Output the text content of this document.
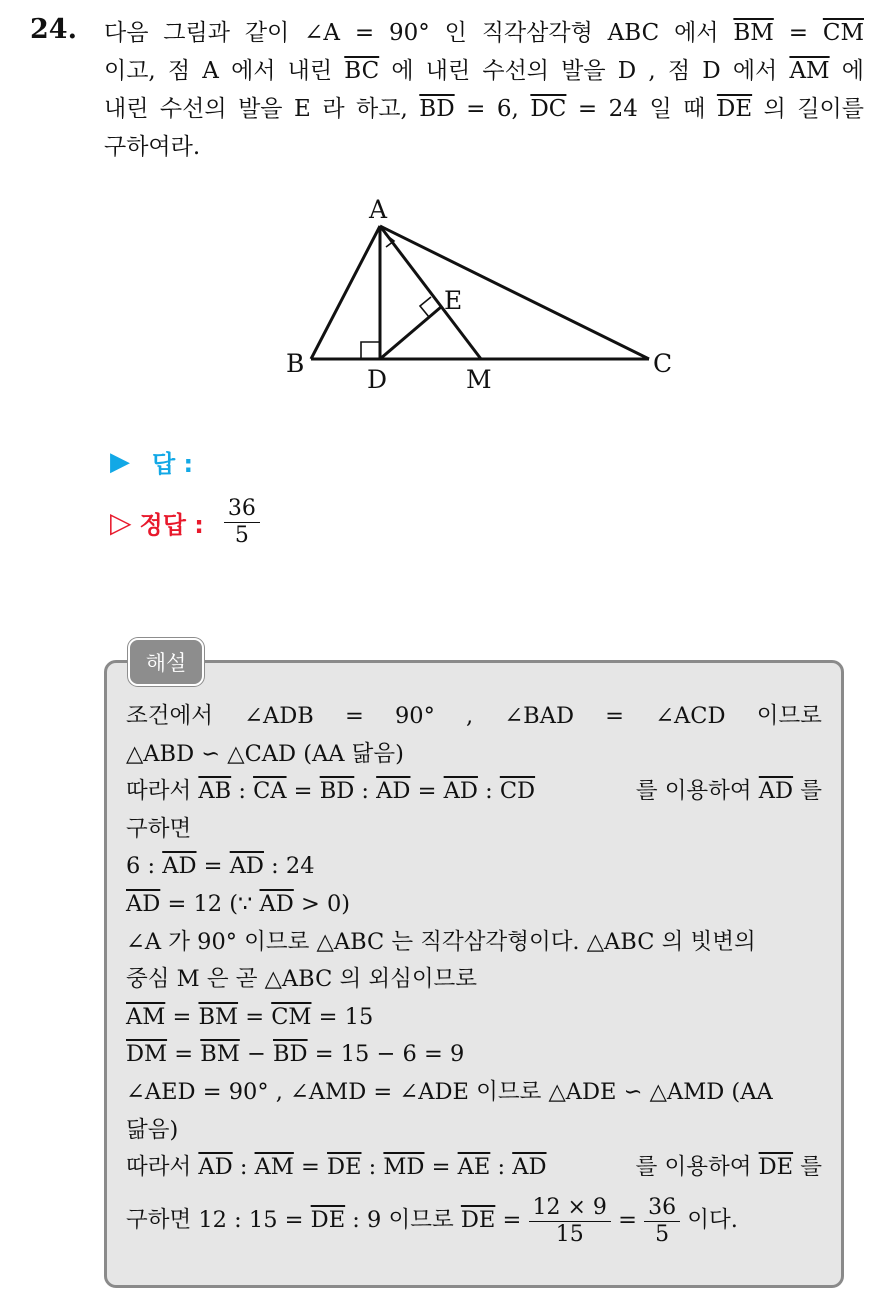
24. 다음 그림과 같이 ∠A = 90° 인 직각삼각형 ABC 에서 $\overline{BM} = \overline{CM}$
이고, 점 A 에서 내린 $\overline{BC}$ 에 내린 수선의 발을 D , 점 D 에서 $\overline{AM}$ 에
내린 수선의 발을 E 라 하고, $\overline{BD} = 6$, $\overline{DC} = 24$ 일 때 $\overline{DE}$ 의 길이를
구하여라.
A
B	C
D
E
M
▶ 답 :
▷ 정답 : $\frac{36}{5}$
해설
조건에서 ∠ADB = 90° , ∠BAD = ∠ACD 이므로
△ABD ∽ △CAD (AA 닮음)
따라서 $\overline{AB}$ : $\overline{CA} = \overline{BD}$ : $\overline{AD} = \overline{AD}$ : $\overline{CD}$	를 이용하여 $\overline{AD}$ 를
구하면
6 : $\overline{AD} = \overline{AD}$ : 24
$\overline{AD} = 12$ (∵ $\overline{AD} > 0$)
∠A 가 90° 이므로 △ABC 는 직각삼각형이다. △ABC 의 빗변의
중심 M 은 곧 △ABC 의 외심이므로
$\overline{AM} = \overline{BM} = \overline{CM} = 15$
$\overline{DM} = \overline{BM} - \overline{BD} = 15 - 6 = 9$
∠AED = 90° , ∠AMD = ∠ADE 이므로 △ADE ∽ △AMD (AA
닮음)
따라서 $\overline{AD}$ : $\overline{AM} = \overline{DE}$ : $\overline{MD} = \overline{AE}$ : $\overline{AD}$	를 이용하여 $\overline{DE}$ 를
구하면 12 : 15 =
$\overline{DE}$
: 9 이므로
$\overline{DE}$
=
$\frac{12 \times 9}{15}$
=
$\frac{36}{5}$
이다.
